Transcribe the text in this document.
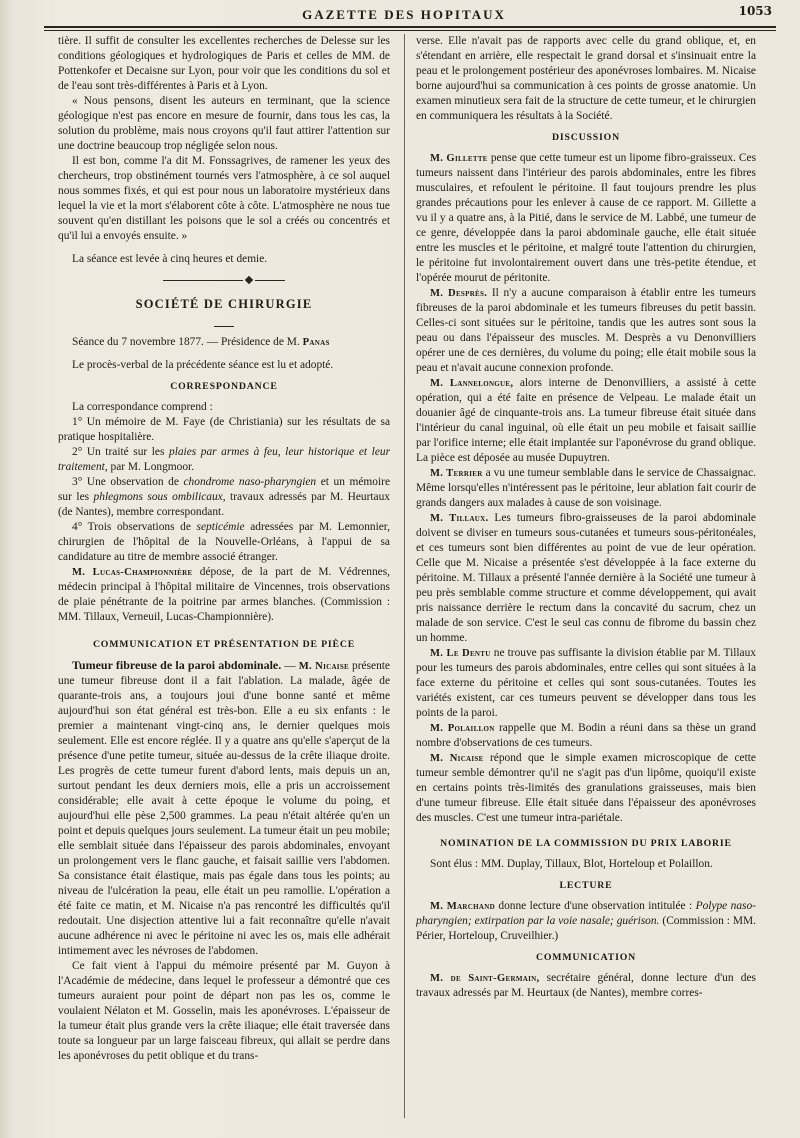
GAZETTE DES HOPITAUX	1053

tière. Il suffit de consulter les excellentes recherches de Delesse sur les conditions géologiques et hydrologiques de Paris et celles de MM. de Pottenkofer et Decaisne sur Lyon, pour voir que les conditions du sol et de l'eau sont très-différentes à Paris et à Lyon.

« Nous pensons, disent les auteurs en terminant, que la science géologique n'est pas encore en mesure de fournir, dans tous les cas, la solution du problème, mais nous croyons qu'il faut attirer l'attention sur une doctrine beaucoup trop négligée selon nous.

Il est bon, comme l'a dit M. Fonssagrives, de ramener les yeux des chercheurs, trop obstinément tournés vers l'atmosphère, à ce sol auquel nous sommes fixés, et qui est pour nous un laboratoire mystérieux dans lequel la vie et la mort s'élaborent côte à côte. L'atmosphère ne nous tue souvent qu'en distillant les poisons que le sol a créés ou concentrés et qu'il lui a envoyés ensuite. »

La séance est levée à cinq heures et demie.

SOCIÉTÉ DE CHIRURGIE

Séance du 7 novembre 1877. — Présidence de M. Panas

Le procès-verbal de la précédente séance est lu et adopté.

CORRESPONDANCE

La correspondance comprend :

1° Un mémoire de M. Faye (de Christiania) sur les résultats de sa pratique hospitalière.

2° Un traité sur les plaies par armes à feu, leur historique et leur traitement, par M. Longmoor.

3° Une observation de chondrome naso-pharyngien et un mémoire sur les phlegmons sous ombilicaux, travaux adressés par M. Heurtaux (de Nantes), membre correspondant.

4° Trois observations de septicémie adressées par M. Lemonnier, chirurgien de l'hôpital de la Nouvelle-Orléans, à l'appui de sa candidature au titre de membre associé étranger.

M. Lucas-Championnière dépose, de la part de M. Védrennes, médecin principal à l'hôpital militaire de Vincennes, trois observations de plaie pénétrante de la poitrine par armes blanches. (Commission : MM. Tillaux, Verneuil, Lucas-Championnière).

COMMUNICATION ET PRÉSENTATION DE PIÈCE

Tumeur fibreuse de la paroi abdominale. — M. Nicaise présente une tumeur fibreuse dont il a fait l'ablation. La malade, âgée de quarante-trois ans, a toujours joui d'une bonne santé et même aujourd'hui son état général est très-bon. Elle a eu six enfants : le premier a maintenant vingt-cinq ans, le dernier quelques mois seulement. Elle est encore réglée. Il y a quatre ans qu'elle s'aperçut de la présence d'une petite tumeur, située au-dessus de la crête iliaque droite. Les progrès de cette tumeur furent d'abord lents, mais depuis un an, surtout pendant les deux derniers mois, elle a pris un accroissement considérable; elle avait à cette époque le volume du poing, et aujourd'hui elle pèse 2,500 grammes. La peau n'était altérée qu'en un point et depuis quelques jours seulement. La tumeur était un peu mobile; elle semblait située dans l'épaisseur des parois abdominales, envoyant un prolongement vers le flanc gauche, et faisait saillie vers l'abdomen. Sa consistance était élastique, mais pas égale dans tous les points; au niveau de l'ulcération la peau, elle était un peu ramollie. L'opération a été faite ce matin, et M. Nicaise n'a pas rencontré les difficultés qu'il redoutait. Une disjection attentive lui a fait reconnaître qu'elle n'avait aucune adhérence ni avec le péritoine ni avec les os, mais elle adhérait intimement avec les névroses de l'abdomen.

Ce fait vient à l'appui du mémoire présenté par M. Guyon à l'Académie de médecine, dans lequel le professeur a démontré que ces tumeurs auraient pour point de départ non pas les os, comme le voulaient Nélaton et M. Gosselin, mais les aponévroses. L'épaisseur de la tumeur était plus grande vers la crête iliaque; elle était traversée dans toute sa longueur par un large faisceau fibreux, qui allait se perdre dans les aponévroses du petit oblique et du trans-

verse. Elle n'avait pas de rapports avec celle du grand oblique, et, en s'étendant en arrière, elle respectait le grand dorsal et s'insinuait entre la peau et le prolongement postérieur des aponévroses lombaires. M. Nicaise borne aujourd'hui sa communication à ces points de grosse anatomie. Un examen minutieux sera fait de la structure de cette tumeur, et le chirurgien en communiquera les résultats à la Société.

DISCUSSION

M. Gillette pense que cette tumeur est un lipome fibro-graisseux. Ces tumeurs naissent dans l'intérieur des parois abdominales, entre les fibres musculaires, et refoulent le péritoine. Il faut toujours prendre les plus grandes précautions pour les enlever à cause de ce rapport. M. Gillette a vu il y a quatre ans, à la Pitié, dans le service de M. Labbé, une tumeur de ce genre, développée dans la paroi abdominale gauche, elle était située entre les muscles et le péritoine, et malgré toute l'attention du chirurgien, le péritoine fut involontairement ouvert dans une très-petite étendue, et l'opérée mourut de péritonite.

M. Desprès. Il n'y a aucune comparaison à établir entre les tumeurs fibreuses de la paroi abdominale et les tumeurs fibreuses du petit bassin. Celles-ci sont situées sur le péritoine, tandis que les autres sont sous la peau ou dans l'épaisseur des muscles. M. Desprès a vu Denonvilliers opérer une de ces dernières, du volume du poing; elle était mobile sous la peau et n'avait aucune connexion profonde.

M. Lannelongue, alors interne de Denonvilliers, a assisté à cette opération, qui a été faite en présence de Velpeau. Le malade était un douanier âgé de cinquante-trois ans. La tumeur fibreuse était située dans l'intérieur du canal inguinal, où elle était un peu mobile et faisait saillie par l'orifice interne; elle était implantée sur l'aponévrose du grand oblique. La pièce est déposée au musée Dupuytren.

M. Terrier a vu une tumeur semblable dans le service de Chassaignac. Même lorsqu'elles n'intéressent pas le péritoine, leur ablation fait courir de grands dangers aux malades à cause de son voisinage.

M. Tillaux. Les tumeurs fibro-graisseuses de la paroi abdominale doivent se diviser en tumeurs sous-cutanées et tumeurs sous-péritonéales, et ces tumeurs sont bien différentes au point de vue de leur opération. Celle que M. Nicaise a présentée s'est développée à la face externe du péritoine. M. Tillaux a présenté l'année dernière à la Société une tumeur à peu près semblable comme structure et comme développement, qui avait pris naissance derrière le rectum dans la concavité du sacrum, chez un malade de son service. C'est le seul cas connu de fibrome du bassin chez un homme.

M. Le Dentu ne trouve pas suffisante la division établie par M. Tillaux pour les tumeurs des parois abdominales, entre celles qui sont situées à la face externe du péritoine et celles qui sont sous-cutanées. Toutes les variétés existent, car ces tumeurs peuvent se développer dans tous les points de la paroi.

M. Polaillon rappelle que M. Bodin a réuni dans sa thèse un grand nombre d'observations de ces tumeurs.

M. Nicaise répond que le simple examen microscopique de cette tumeur semble démontrer qu'il ne s'agit pas d'un lipôme, quoiqu'il existe en certains points très-limités des granulations graisseuses, mais bien d'une tumeur fibreuse. Elle était située dans l'épaisseur des aponévroses des muscles. C'est une tumeur intra-pariétale.

NOMINATION DE LA COMMISSION DU PRIX LABORIE

Sont élus : MM. Duplay, Tillaux, Blot, Horteloup et Polaillon.

LECTURE

M. Marchand donne lecture d'une observation intitulée : Polype naso-pharyngien; extirpation par la voie nasale; guérison. (Commission : MM. Périer, Horteloup, Cruveilhier.)

COMMUNICATION

M. de Saint-Germain, secrétaire général, donne lecture d'un des travaux adressés par M. Heurtaux (de Nantes), membre corres-
